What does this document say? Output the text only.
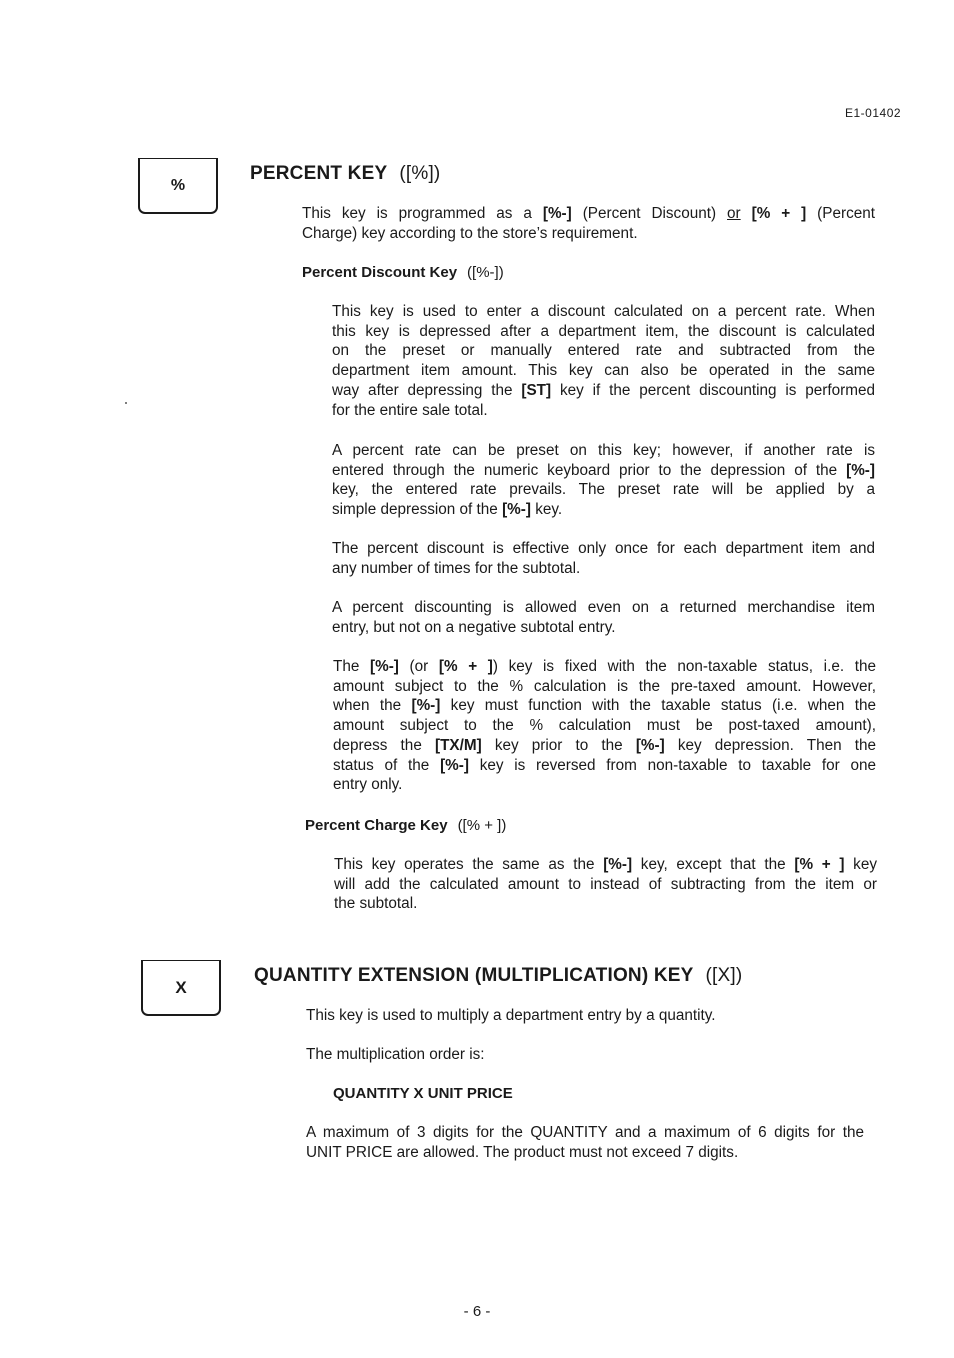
E1-01402
%
PERCENT KEY ([%])
This key is programmed as a [%-] (Percent Discount) or [% + ] (Percent
Charge) key according to the store’s requirement.
Percent Discount Key ([%-])
This key is used to enter a discount calculated on a percent rate. When
this key is depressed after a department item, the discount is calculated
on the preset or manually entered rate and subtracted from the
department item amount. This key can also be operated in the same
way after depressing the [ST] key if the percent discounting is performed
for the entire sale total.
A percent rate can be preset on this key; however, if another rate is
entered through the numeric keyboard prior to the depression of the [%-]
key, the entered rate prevails. The preset rate will be applied by a
simple depression of the [%-] key.
The percent discount is effective only once for each department item and
any number of times for the subtotal.
A percent discounting is allowed even on a returned merchandise item
entry, but not on a negative subtotal entry.
The [%-] (or [% + ]) key is fixed with the non-taxable status, i.e. the
amount subject to the % calculation is the pre-taxed amount. However,
when the [%-] key must function with the taxable status (i.e. when the
amount subject to the % calculation must be post-taxed amount),
depress the [TX/M] key prior to the [%-] key depression. Then the
status of the [%-] key is reversed from non-taxable to taxable for one
entry only.
Percent Charge Key ([% + ])
This key operates the same as the [%-] key, except that the [% + ] key
will add the calculated amount to instead of subtracting from the item or
the subtotal.
X
QUANTITY EXTENSION (MULTIPLICATION) KEY ([X])
This key is used to multiply a department entry by a quantity.
The multiplication order is:
QUANTITY X UNIT PRICE
A maximum of 3 digits for the QUANTITY and a maximum of 6 digits for the
UNIT PRICE are allowed. The product must not exceed 7 digits.
- 6 -
